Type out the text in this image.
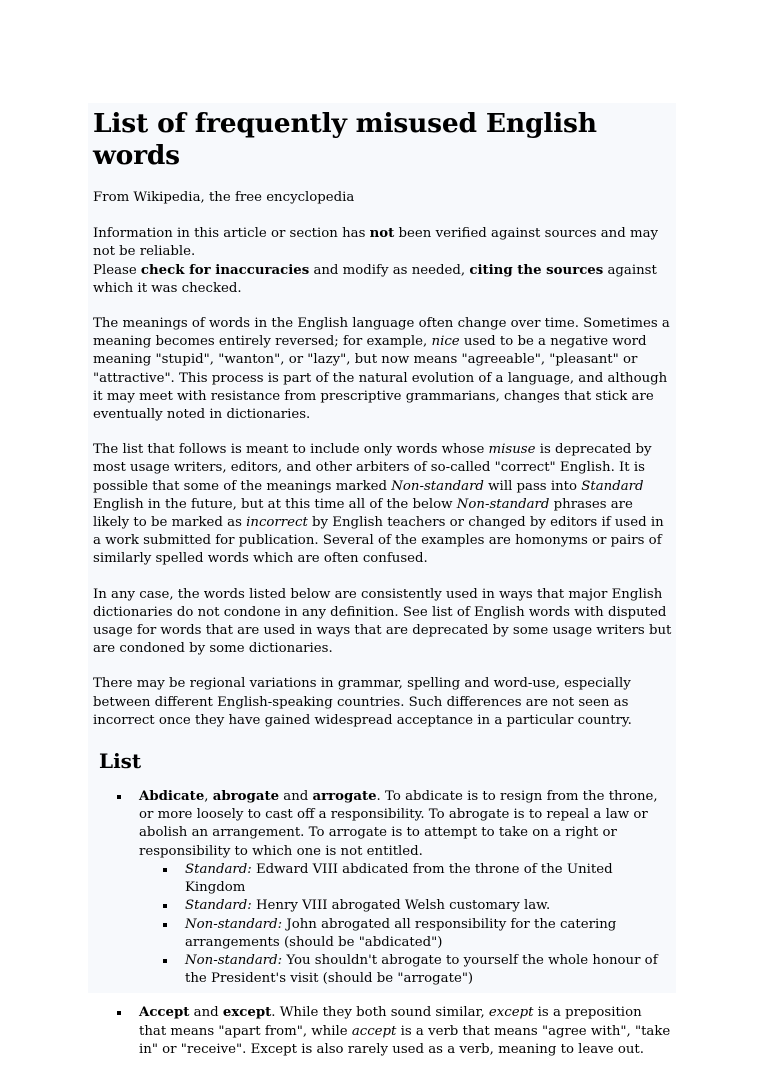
List of frequently misused English words

From Wikipedia, the free encyclopedia

Information in this article or section has not been verified against sources and may not be reliable.

Please check for inaccuracies and modify as needed, citing the sources against which it was checked.

The meanings of words in the English language often change over time. Sometimes a meaning becomes entirely reversed; for example, nice used to be a negative word meaning "stupid", "wanton", or "lazy", but now means "agreeable", "pleasant" or "attractive". This process is part of the natural evolution of a language, and although it may meet with resistance from prescriptive grammarians, changes that stick are eventually noted in dictionaries.

The list that follows is meant to include only words whose misuse is deprecated by most usage writers, editors, and other arbiters of so-called "correct" English. It is possible that some of the meanings marked Non-standard will pass into Standard English in the future, but at this time all of the below Non-standard phrases are likely to be marked as incorrect by English teachers or changed by editors if used in a work submitted for publication. Several of the examples are homonyms or pairs of similarly spelled words which are often confused.

In any case, the words listed below are consistently used in ways that major English dictionaries do not condone in any definition. See list of English words with disputed usage for words that are used in ways that are deprecated by some usage writers but are condoned by some dictionaries.

There may be regional variations in grammar, spelling and word-use, especially between different English-speaking countries. Such differences are not seen as incorrect once they have gained widespread acceptance in a particular country.

List
Abdicate, abrogate and arrogate. To abdicate is to resign from the throne, or more loosely to cast off a responsibility. To abrogate is to repeal a law or abolish an arrangement. To arrogate is to attempt to take on a right or responsibility to which one is not entitled.
Standard: Edward VIII abdicated from the throne of the United Kingdom
Standard: Henry VIII abrogated Welsh customary law.
Non-standard: John abrogated all responsibility for the catering arrangements (should be "abdicated")
Non-standard: You shouldn't abrogate to yourself the whole honour of the President's visit (should be "arrogate")
Accept and except. While they both sound similar, except is a preposition that means "apart from", while accept is a verb that means "agree with", "take in" or "receive". Except is also rarely used as a verb, meaning to leave out.
